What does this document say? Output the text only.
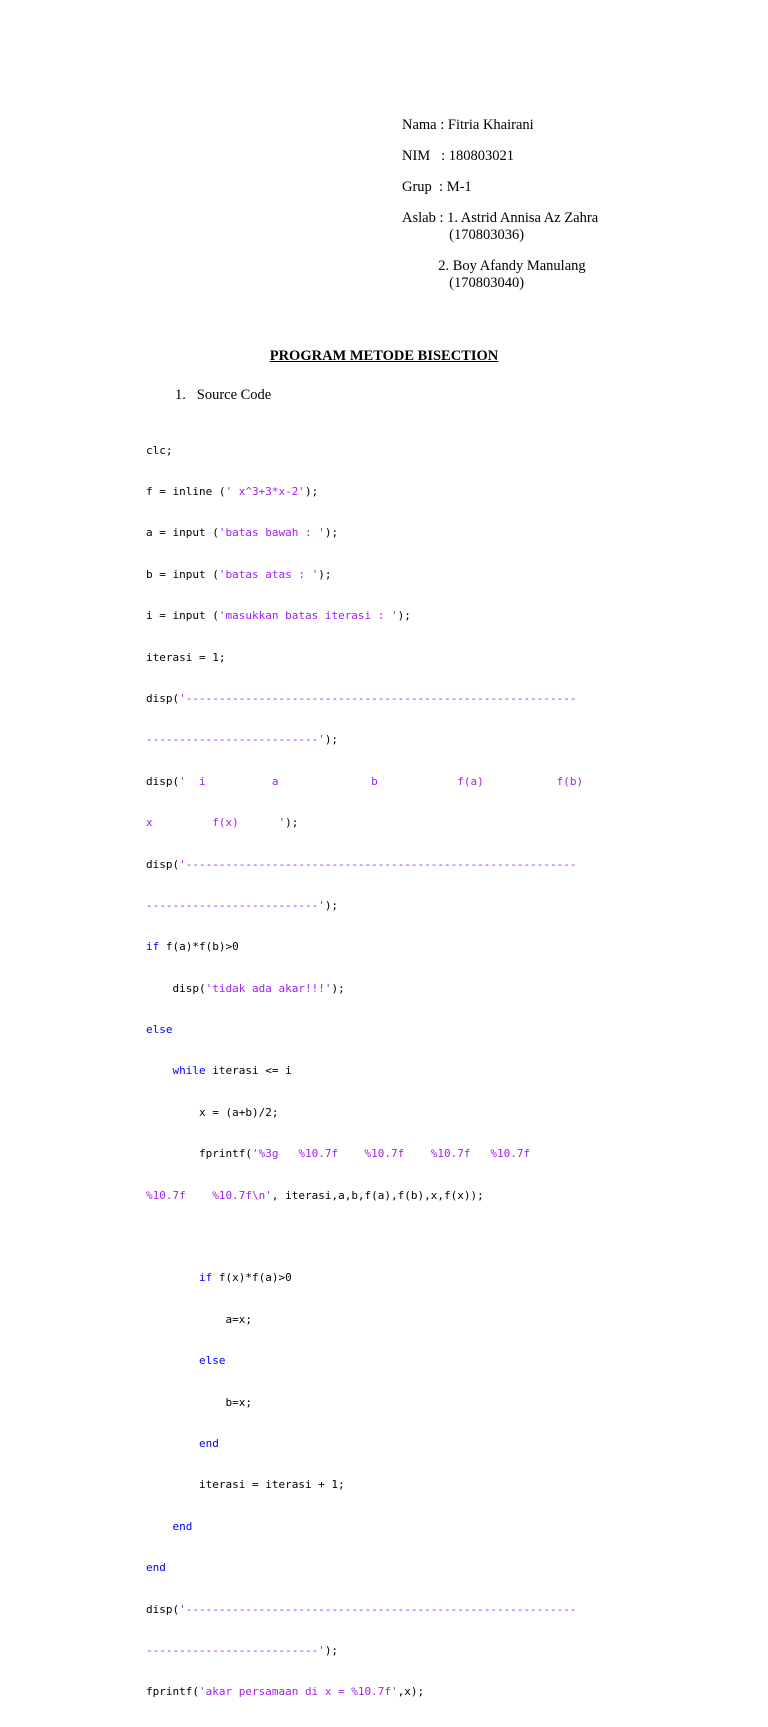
Nama : Fitria Khairani
NIM   : 180803021
Grup  : M-1
Aslab : 1. Astrid Annisa Az Zahra
(170803036)
2. Boy Afandy Manulang
(170803040)
PROGRAM METODE BISECTION
1.   Source Code

clc;

f = inline (' x^3+3*x-2');

a = input ('batas bawah : ');

b = input ('batas atas : ');

i = input ('masukkan batas iterasi : ');

iterasi = 1;

disp('-----------------------------------------------------------

--------------------------');

disp('  i          a              b            f(a)           f(b)

x         f(x)      ');

disp('-----------------------------------------------------------

--------------------------');

if f(a)*f(b)>0

disp('tidak ada akar!!!');

else

while iterasi <= i

x = (a+b)/2;

fprintf('%3g   %10.7f    %10.7f    %10.7f   %10.7f

%10.7f    %10.7f\n', iterasi,a,b,f(a),f(b),x,f(x));

if f(x)*f(a)>0

a=x;

else

b=x;

end

iterasi = iterasi + 1;

end

end

disp('-----------------------------------------------------------

--------------------------');

fprintf('akar persamaan di x = %10.7f',x);
